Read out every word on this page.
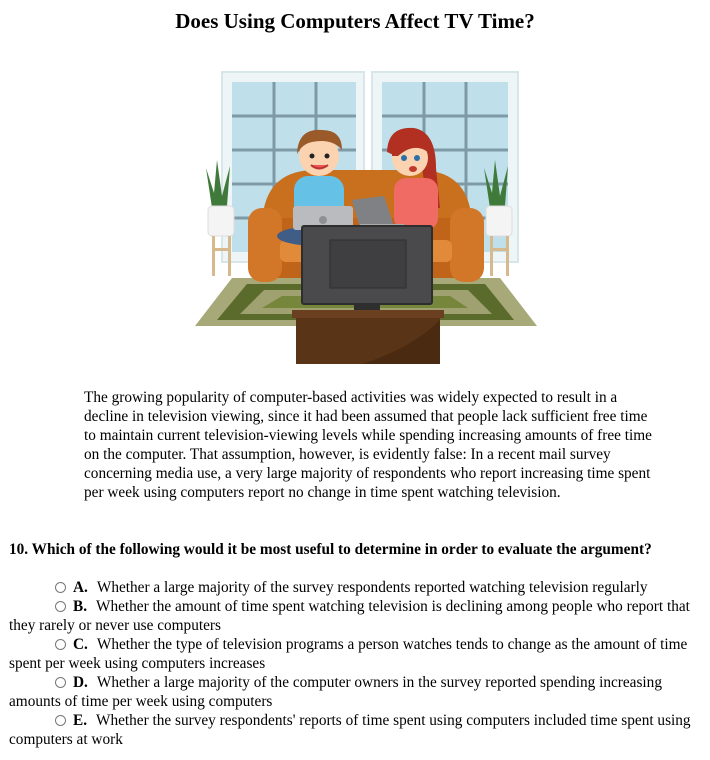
Does Using Computers Affect TV Time?

The growing popularity of computer-based activities was widely expected to result in a decline in television viewing, since it had been assumed that people lack sufficient free time to maintain current television-viewing levels while spending increasing amounts of free time on the computer. That assumption, however, is evidently false: In a recent mail survey concerning media use, a very large majority of respondents who report increasing time spent per week using computers report no change in time spent watching television.

10. Which of the following would it be most useful to determine in order to evaluate the argument?

A. Whether a large majority of the survey respondents reported watching television regularly

B. Whether the amount of time spent watching television is declining among people who report that they rarely or never use computers

C. Whether the type of television programs a person watches tends to change as the amount of time spent per week using computers increases

D. Whether a large majority of the computer owners in the survey reported spending increasing amounts of time per week using computers

E. Whether the survey respondents' reports of time spent using computers included time spent using computers at work
